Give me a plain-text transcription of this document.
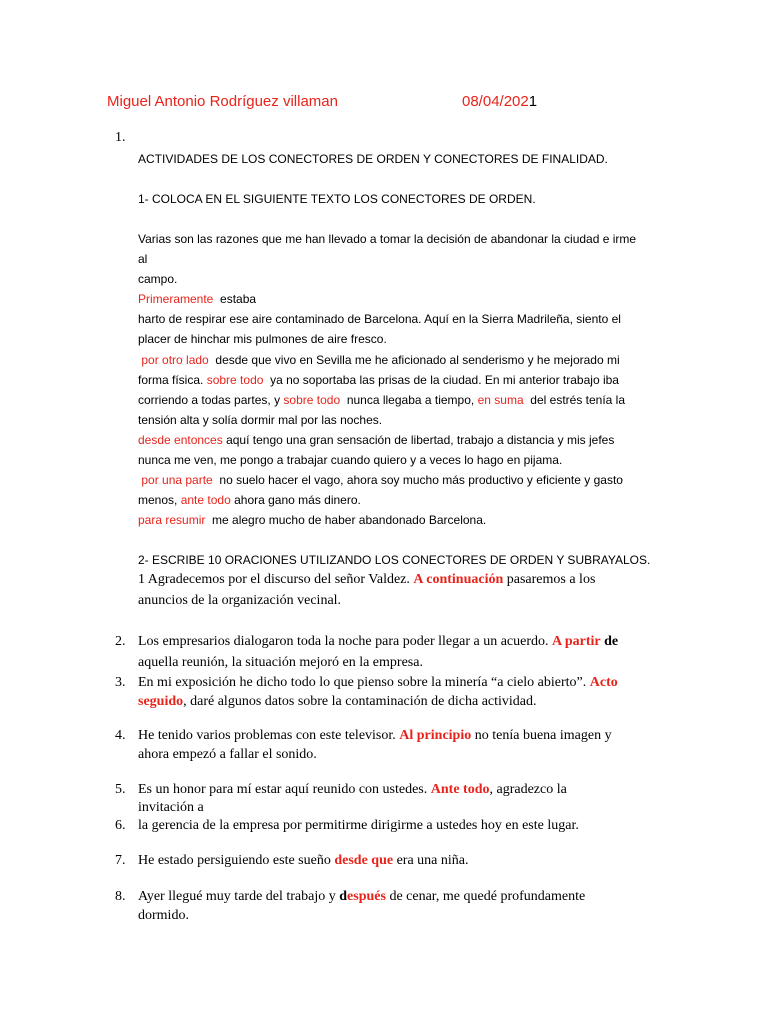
Miguel Antonio Rodríguez villaman	08/04/2021
1.
ACTIVIDADES DE LOS CONECTORES DE ORDEN Y CONECTORES DE FINALIDAD.
1- COLOCA EN EL SIGUIENTE TEXTO LOS CONECTORES DE ORDEN.
Varias son las razones que me han llevado a tomar la decisión de abandonar la ciudad e irme
al
campo.
Primeramente estaba
harto de respirar ese aire contaminado de Barcelona. Aquí en la Sierra Madrileña, siento el
placer de hinchar mis pulmones de aire fresco.
por otro lado desde que vivo en Sevilla me he aficionado al senderismo y he mejorado mi
forma física. sobre todo ya no soportaba las prisas de la ciudad. En mi anterior trabajo iba
corriendo a todas partes, y sobre todo nunca llegaba a tiempo, en suma del estrés tenía la
tensión alta y solía dormir mal por las noches.
desde entonces aquí tengo una gran sensación de libertad, trabajo a distancia y mis jefes
nunca me ven, me pongo a trabajar cuando quiero y a veces lo hago en pijama.
por una parte no suelo hacer el vago, ahora soy mucho más productivo y eficiente y gasto
menos, ante todo ahora gano más dinero.
para resumir me alegro mucho de haber abandonado Barcelona.
2- ESCRIBE 10 ORACIONES UTILIZANDO LOS CONECTORES DE ORDEN Y SUBRAYALOS.
1 Agradecemos por el discurso del señor Valdez. A continuación pasaremos a los
anuncios de la organización vecinal.
2. Los empresarios dialogaron toda la noche para poder llegar a un acuerdo. A partir de
aquella reunión, la situación mejoró en la empresa.
3. En mi exposición he dicho todo lo que pienso sobre la minería “a cielo abierto”. Acto
seguido, daré algunos datos sobre la contaminación de dicha actividad.
4. He tenido varios problemas con este televisor. Al principio no tenía buena imagen y
ahora empezó a fallar el sonido.
5. Es un honor para mí estar aquí reunido con ustedes. Ante todo, agradezco la
invitación a
6. la gerencia de la empresa por permitirme dirigirme a ustedes hoy en este lugar.
7. He estado persiguiendo este sueño desde que era una niña.
8. Ayer llegué muy tarde del trabajo y después de cenar, me quedé profundamente
dormido.
